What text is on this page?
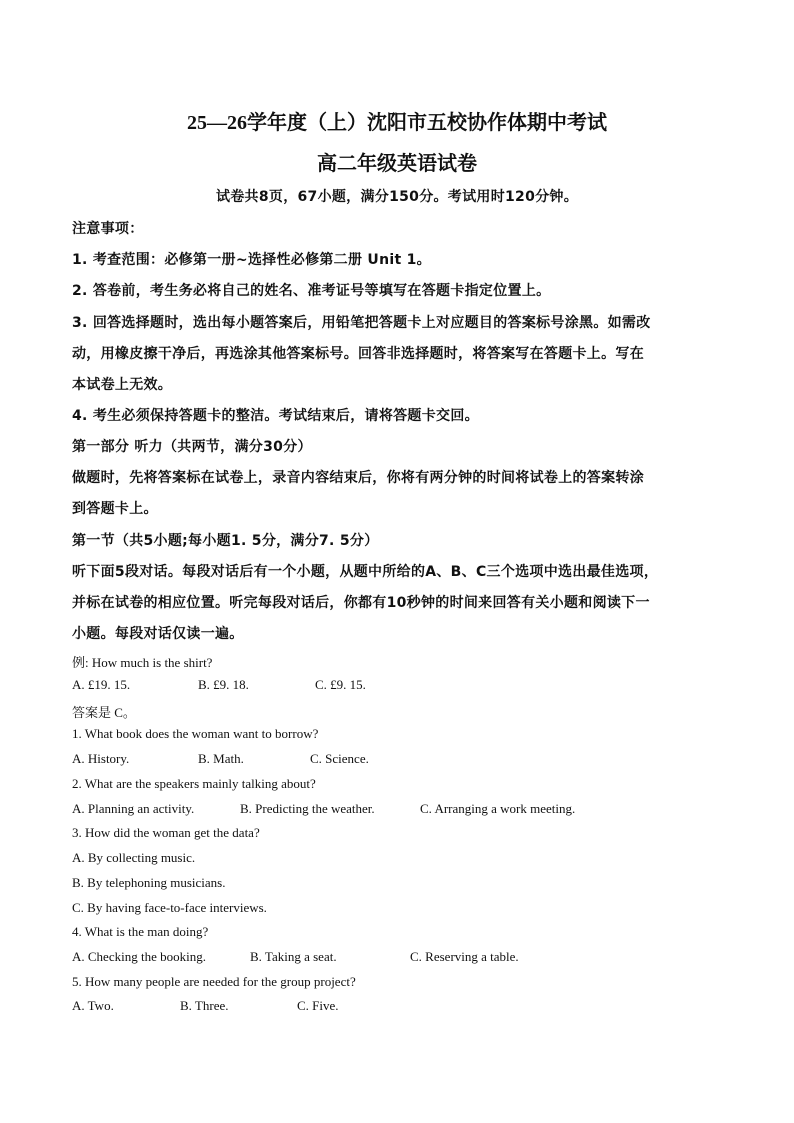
25—26学年度（上）沈阳市五校协作体期中考试
高二年级英语试卷
试卷共8页，67小题，满分150分。考试用时120分钟。
注意事项：
1. 考查范围：必修第一册~选择性必修第二册 Unit 1。
2. 答卷前，考生务必将自己的姓名、准考证号等填写在答题卡指定位置上。
3. 回答选择题时，选出每小题答案后，用铅笔把答题卡上对应题目的答案标号涂黑。如需改
动，用橡皮擦干净后，再选涂其他答案标号。回答非选择题时，将答案写在答题卡上。写在
本试卷上无效。
4. 考生必须保持答题卡的整洁。考试结束后，请将答题卡交回。
第一部分 听力（共两节，满分30分）
做题时，先将答案标在试卷上，录音内容结束后，你将有两分钟的时间将试卷上的答案转涂
到答题卡上。
第一节（共5小题;每小题1. 5分，满分7. 5分）
听下面5段对话。每段对话后有一个小题，从题中所给的A、B、C三个选项中选出最佳选项，
并标在试卷的相应位置。听完每段对话后，你都有10秒钟的时间来回答有关小题和阅读下一
小题。每段对话仅读一遍。
例: How much is the shirt?
A. £19. 15.	B. £9. 18.	C. £9. 15.
答案是 C。
1. What book does the woman want to borrow?
A. History.	B. Math.	C. Science.
2. What are the speakers mainly talking about?
A. Planning an activity.	B. Predicting the weather.	C. Arranging a work meeting.
3. How did the woman get the data?
A. By collecting music.
B. By telephoning musicians.
C. By having face-to-face interviews.
4. What is the man doing?
A. Checking the booking.	B. Taking a seat.	C. Reserving a table.
5. How many people are needed for the group project?
A. Two.	B. Three.	C. Five.
